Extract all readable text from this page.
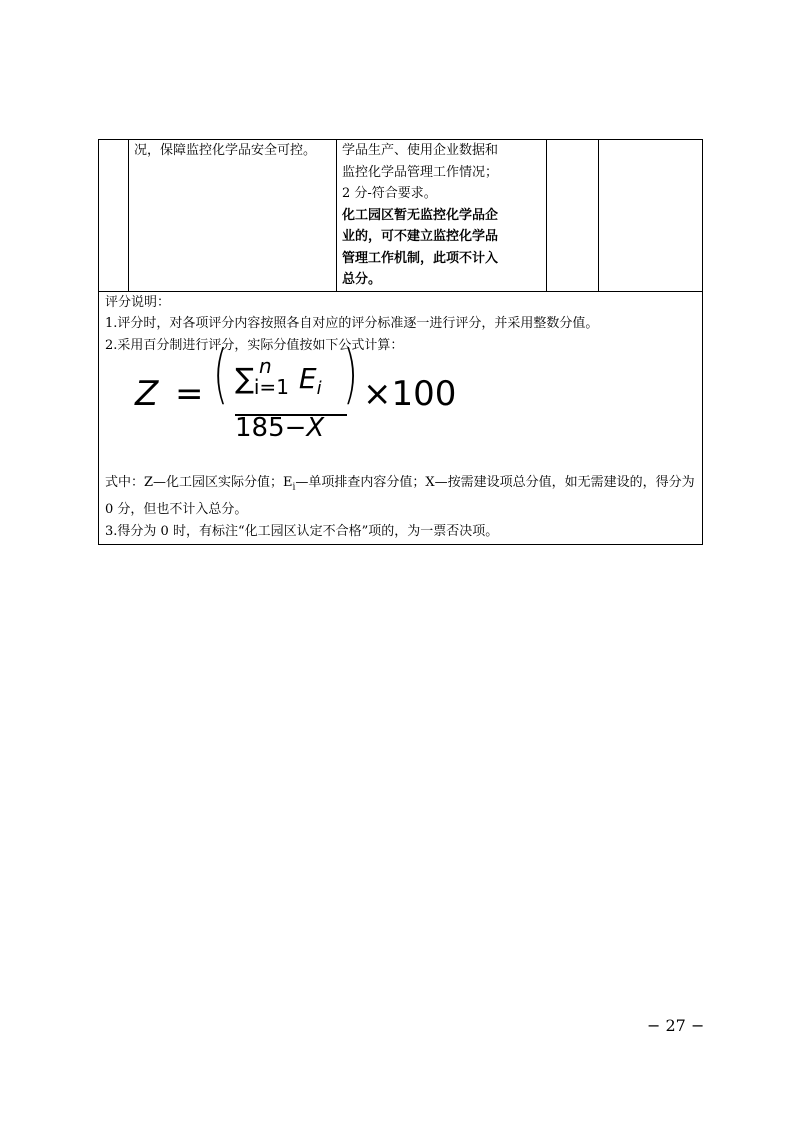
	况，保障监控化学品安全可控。	学品生产、使用企业数据和
监控化学品管理工作情况；
2 分-符合要求。
化工园区暂无监控化学品企
业的，可不建立监控化学品
管理工作机制，此项不计入
总分。

评分说明：
1.评分时，对各项评分内容按照各自对应的评分标准逐一进行评分，并采用整数分值。
2.采用百分制进行评分，实际分值按如下公式计算：
Z = ( ∑ n
$_{i=1}$ $E_i$
185−X
) ×100
式中：Z—化工园区实际分值；$E_i—$单项排查内容分值；X—按需建设项总分值，如无需建设的，得分为 0 分，但也不计入总分。
3.得分为 0 时，有标注“化工园区认定不合格”项的，为一票否决项。
− 27 −
